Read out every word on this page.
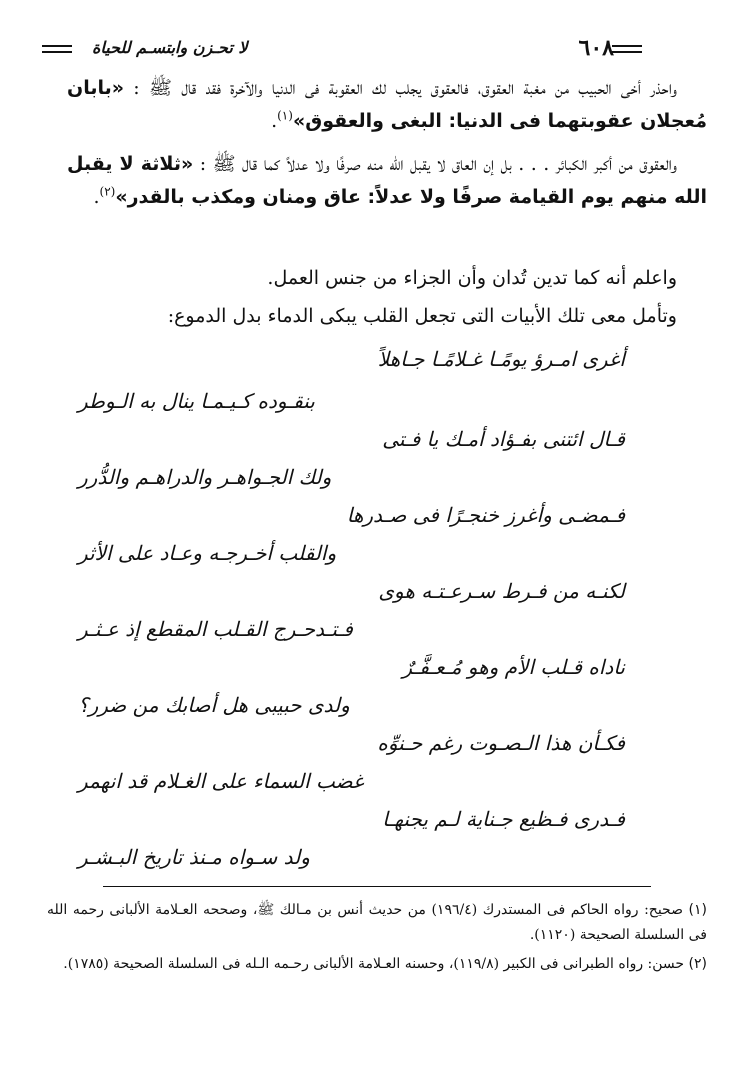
٦٠٨
لا تحـزن وابتسـم للحياة

واحذر أخى الحبيب من مغبة العقوق، فالعقوق يجلب لك العقوبة فى الدنيا والآخرة فقد قال ﷺ : «بابان مُعجلان عقوبتهما فى الدنيا: البغى والعقوق»$^{(١)}$.

والعقوق من أكبر الكبائر . . . بل إن العاق لا يقبل الله منه صرفًا ولا عدلاً كما قال ﷺ : «ثلاثة لا يقبل الله منهم يوم القيامة صرفًا ولا عدلاً: عاق ومنان ومكذب بالقدر»$^{(٢)}$.

واعلم أنه كما تدين تُدان وأن الجزاء من جنس العمل.

وتأمل معى تلك الأبيات التى تجعل القلب يبكى الدماء بدل الدموع:

أغرى امـرؤ يومًـا غـلامًـا جـاهلاً
بنقـوده كـيـمـا ينال به الـوطر
قـال ائتنى بفـؤاد أمـك يا فـتى
ولك الجـواهـر والدراهـم والدُّرر
فـمضـى وأغرز خنجـرًا فى صـدرها
والقلب أخـرجـه وعـاد على الأثر
لكنـه من فـرط سـرعـتـه هوى
فـتـدحـرج القـلب المقطع إذ عـثـر
ناداه قـلب الأم وهو مُـعـفَّـرٌ
ولدى حبيبى هل أصابك من ضرر؟
فكـأن هذا الـصـوت رغم حـنوِّه
غضب السماء على الغـلام قد انهمر
فـدرى فـظيع جـناية لـم يجنهـا
ولد سـواه مـنذ تاريخ البـشـر

(١) صحيح: رواه الحاكم فى المستدرك (١٩٦/٤) من حديث أنس بن مـالك ﷺ، وصححه العـلامة الألبانى رحمه الله فى السلسلة الصحيحة (١١٢٠).

(٢) حسن: رواه الطبرانى فى الكبير (١١٩/٨)، وحسنه العـلامة الألبانى رحـمه الـله فى السلسلة الصحيحة (١٧٨٥).
